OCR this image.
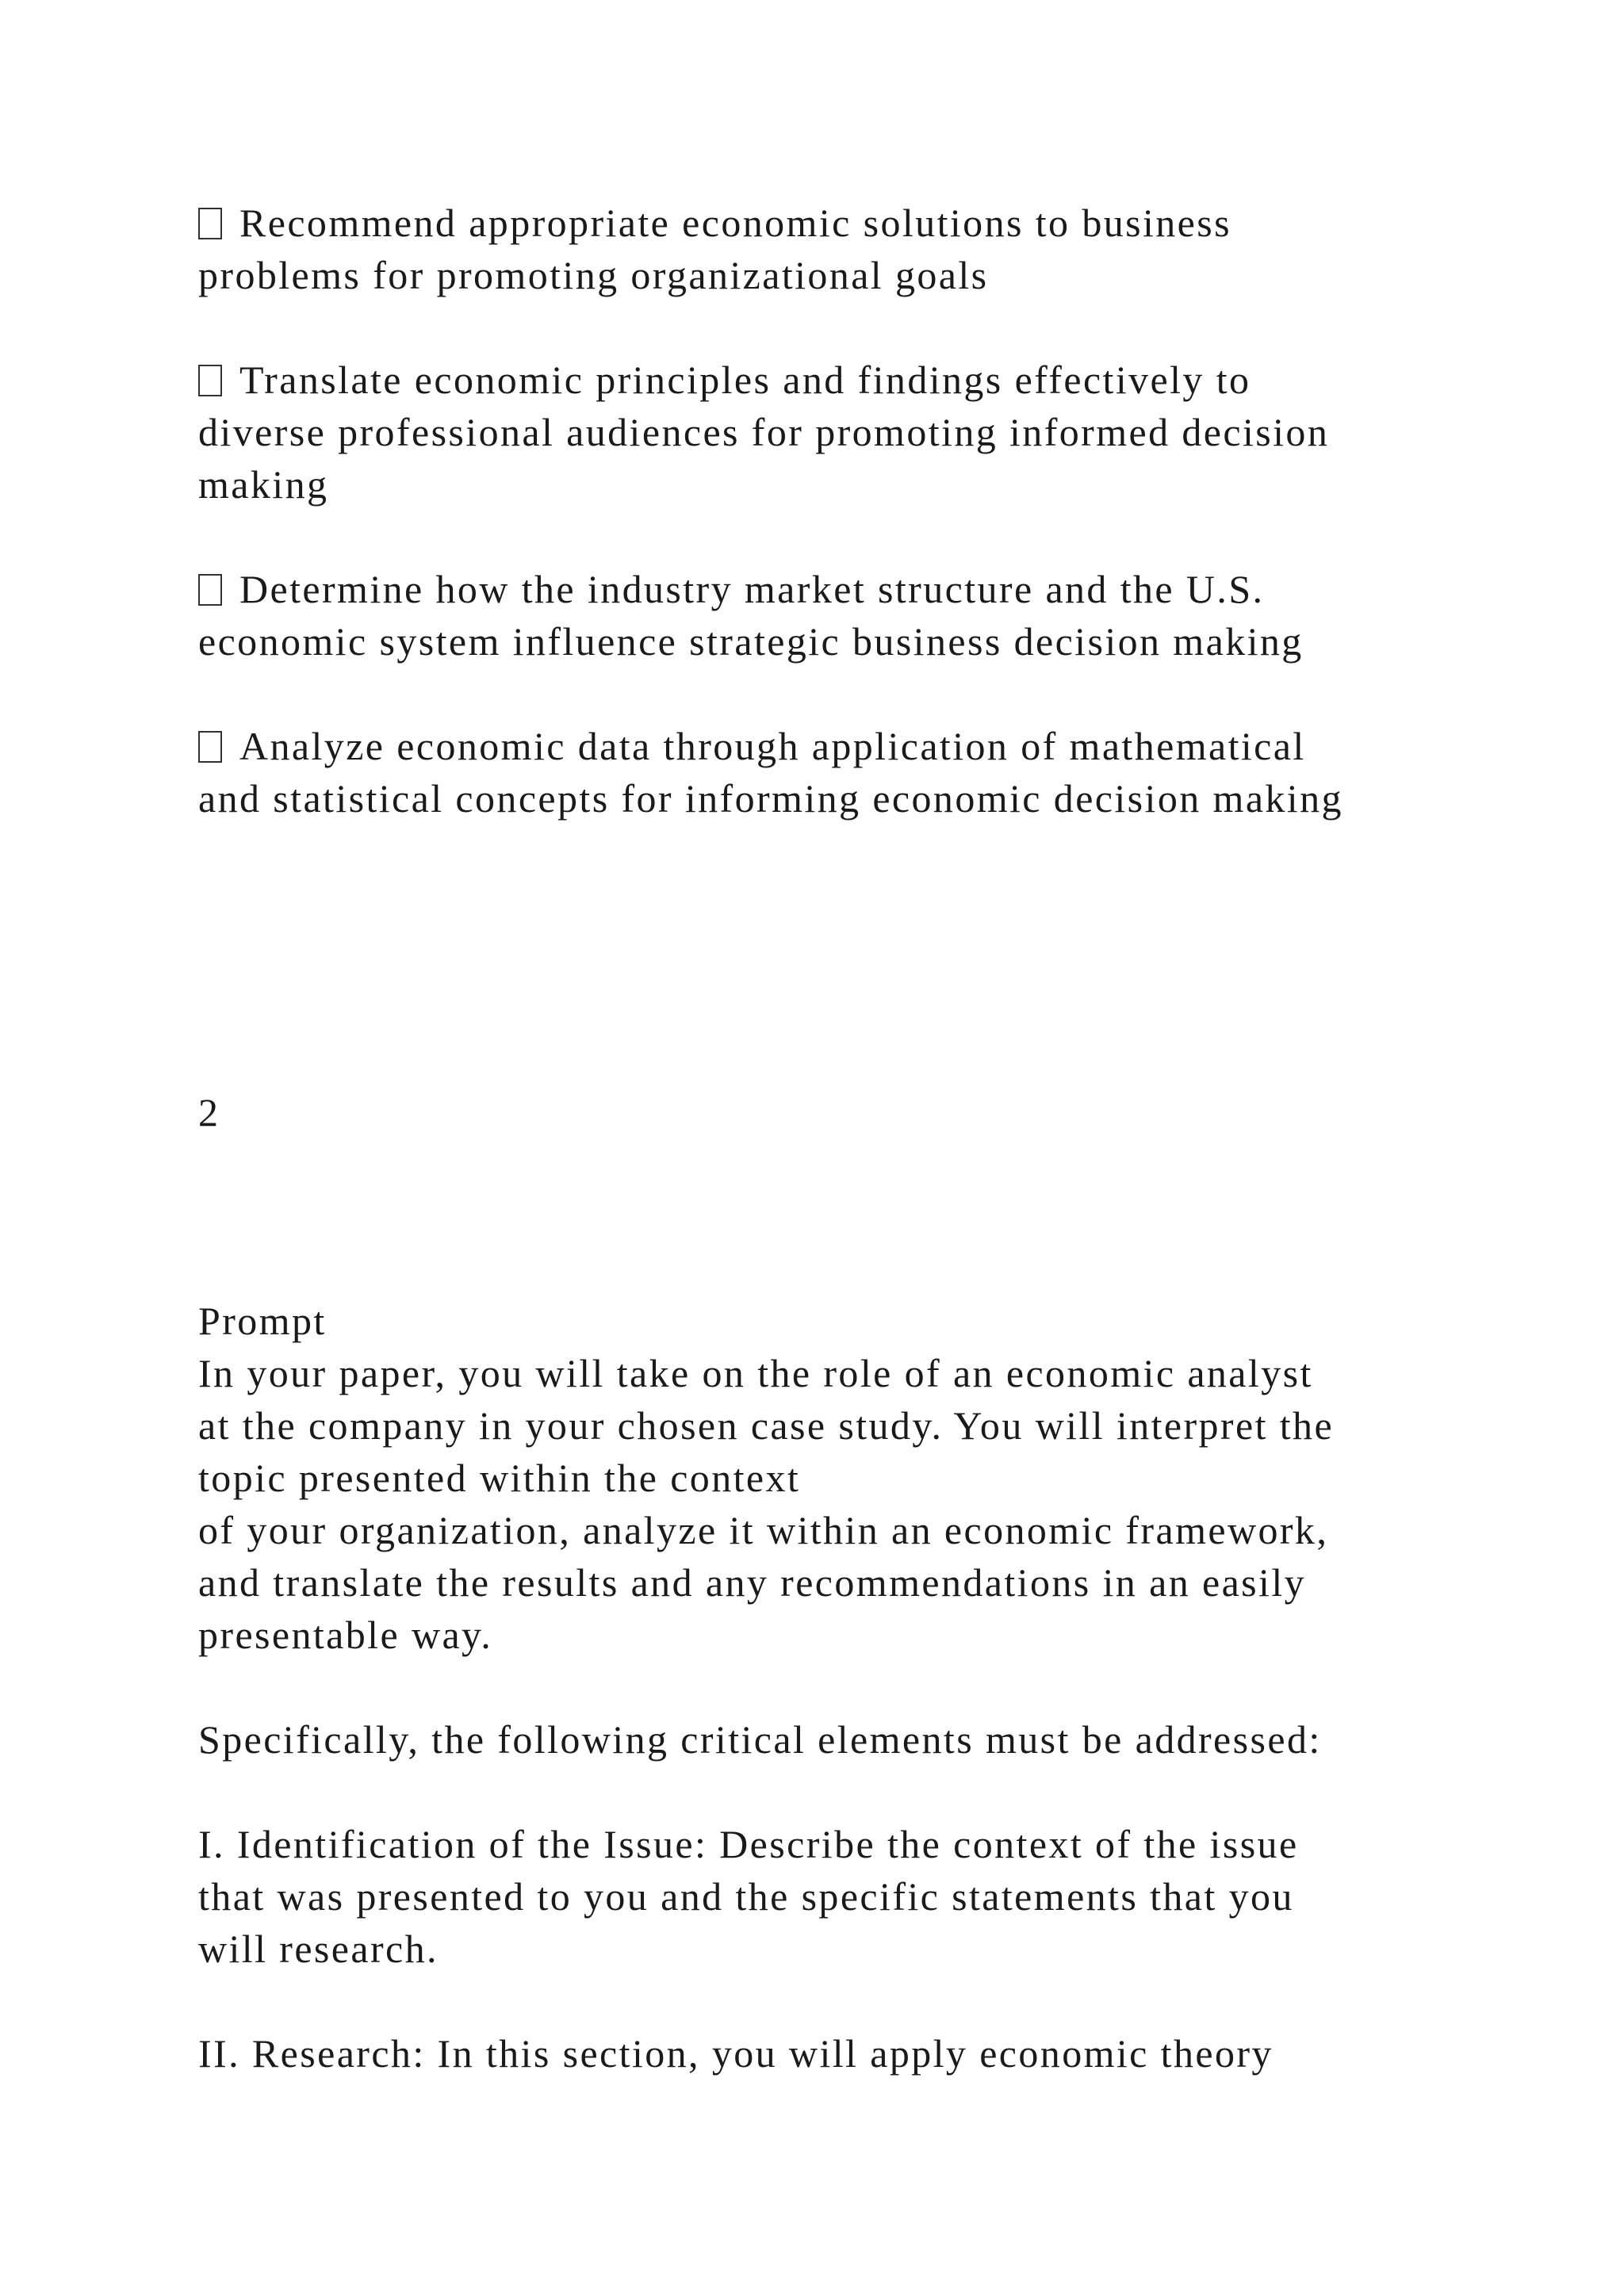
Recommend appropriate economic solutions to business
problems for promoting organizational goals
Translate economic principles and findings effectively to
diverse professional audiences for promoting informed decision
making
Determine how the industry market structure and the U.S.
economic system influence strategic business decision making
Analyze economic data through application of mathematical
and statistical concepts for informing economic decision making
2
Prompt
In your paper, you will take on the role of an economic analyst
at the company in your chosen case study. You will interpret the
topic presented within the context
of your organization, analyze it within an economic framework,
and translate the results and any recommendations in an easily
presentable way.
Specifically, the following critical elements must be addressed:
I. Identification of the Issue: Describe the context of the issue
that was presented to you and the specific statements that you
will research.
II. Research: In this section, you will apply economic theory
